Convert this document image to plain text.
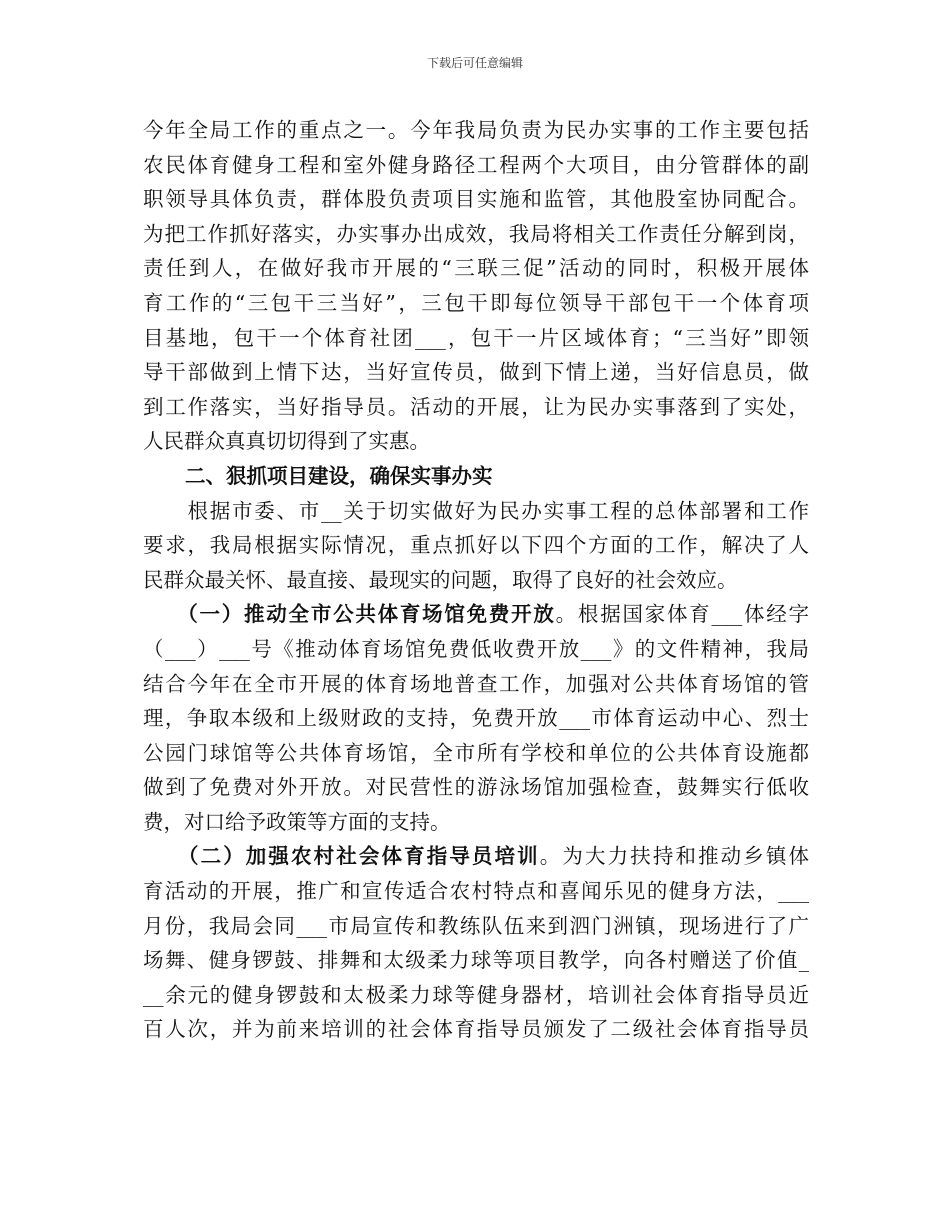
下载后可任意编辑
今年全局工作的重点之一。今年我局负责为民办实事的工作主要包括
农民体育健身工程和室外健身路径工程两个大项目，由分管群体的副
职领导具体负责，群体股负责项目实施和监管，其他股室协同配合。
为把工作抓好落实，办实事办出成效，我局将相关工作责任分解到岗，
责任到人，在做好我市开展的“三联三促”活动的同时，积极开展体
育工作的“三包干三当好”，三包干即每位领导干部包干一个体育项
目基地，包干一个体育社团___，包干一片区域体育；“三当好”即领
导干部做到上情下达，当好宣传员，做到下情上递，当好信息员，做
到工作落实，当好指导员。活动的开展，让为民办实事落到了实处，
人民群众真真切切得到了实惠。
二、狠抓项目建设，确保实事办实
　　根据市委、市__关于切实做好为民办实事工程的总体部署和工作
要求，我局根据实际情况，重点抓好以下四个方面的工作，解决了人
民群众最关怀、最直接、最现实的问题，取得了良好的社会效应。
　　（一）推动全市公共体育场馆免费开放。根据国家体育___体经字
（___）___号《推动体育场馆免费低收费开放___》的文件精神，我局
结合今年在全市开展的体育场地普查工作，加强对公共体育场馆的管
理，争取本级和上级财政的支持，免费开放___市体育运动中心、烈士
公园门球馆等公共体育场馆，全市所有学校和单位的公共体育设施都
做到了免费对外开放。对民营性的游泳场馆加强检查，鼓舞实行低收
费，对口给予政策等方面的支持。
　　（二）加强农村社会体育指导员培训。为大力扶持和推动乡镇体
育活动的开展，推广和宣传适合农村特点和喜闻乐见的健身方法，___
月份，我局会同___市局宣传和教练队伍来到泗门洲镇，现场进行了广
场舞、健身锣鼓、排舞和太级柔力球等项目教学，向各村赠送了价值_
__余元的健身锣鼓和太极柔力球等健身器材，培训社会体育指导员近
百人次，并为前来培训的社会体育指导员颁发了二级社会体育指导员
